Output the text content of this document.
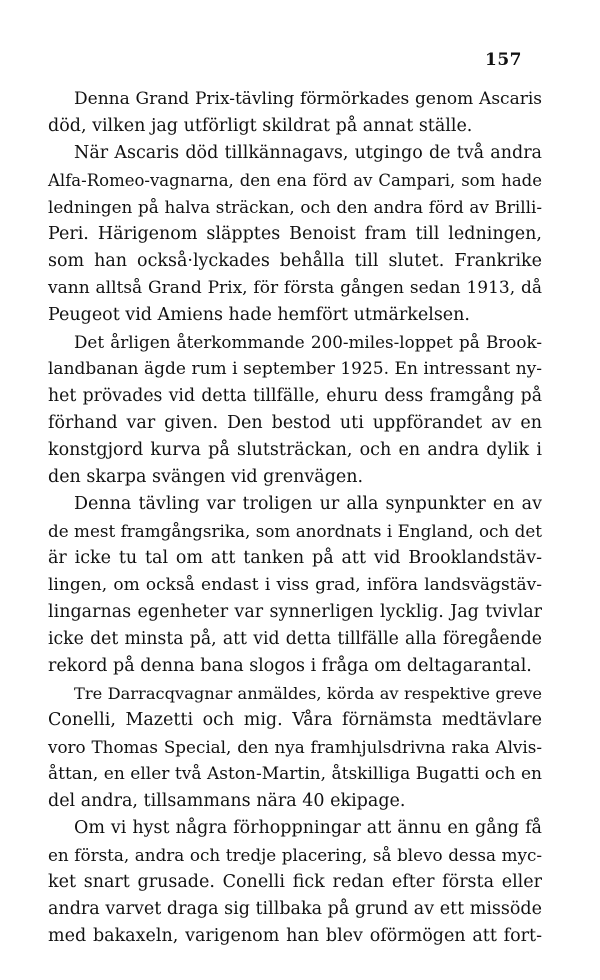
157
Denna Grand Prix-tävling förmörkades genom Ascaris
död, vilken jag utförligt skildrat på annat ställe.
När Ascaris död tillkännagavs, utgingo de två andra
Alfa-Romeo-vagnarna, den ena förd av Campari, som hade
ledningen på halva sträckan, och den andra förd av Brilli-
Peri. Härigenom släpptes Benoist fram till ledningen,
som han också·lyckades behålla till slutet. Frankrike
vann alltså Grand Prix, för första gången sedan 1913, då
Peugeot vid Amiens hade hemfört utmärkelsen.
Det årligen återkommande 200-miles-loppet på Brook-
landbanan ägde rum i september 1925. En intressant ny-
het prövades vid detta tillfälle, ehuru dess framgång på
förhand var given. Den bestod uti uppförandet av en
konstgjord kurva på slutsträckan, och en andra dylik i
den skarpa svängen vid grenvägen.
Denna tävling var troligen ur alla synpunkter en av
de mest framgångsrika, som anordnats i England, och det
är icke tu tal om att tanken på att vid Brooklandstäv-
lingen, om också endast i viss grad, införa landsvägstäv-
lingarnas egenheter var synnerligen lycklig. Jag tvivlar
icke det minsta på, att vid detta tillfälle alla föregående
rekord på denna bana slogos i fråga om deltagarantal.
Tre Darracqvagnar anmäldes, körda av respektive greve
Conelli, Mazetti och mig. Våra förnämsta medtävlare
voro Thomas Special, den nya framhjulsdrivna raka Alvis-
åttan, en eller två Aston-Martin, åtskilliga Bugatti och en
del andra, tillsammans nära 40 ekipage.
Om vi hyst några förhoppningar att ännu en gång få
en första, andra och tredje placering, så blevo dessa myc-
ket snart grusade. Conelli fick redan efter första eller
andra varvet draga sig tillbaka på grund av ett missöde
med bakaxeln, varigenom han blev oförmögen att fort-
